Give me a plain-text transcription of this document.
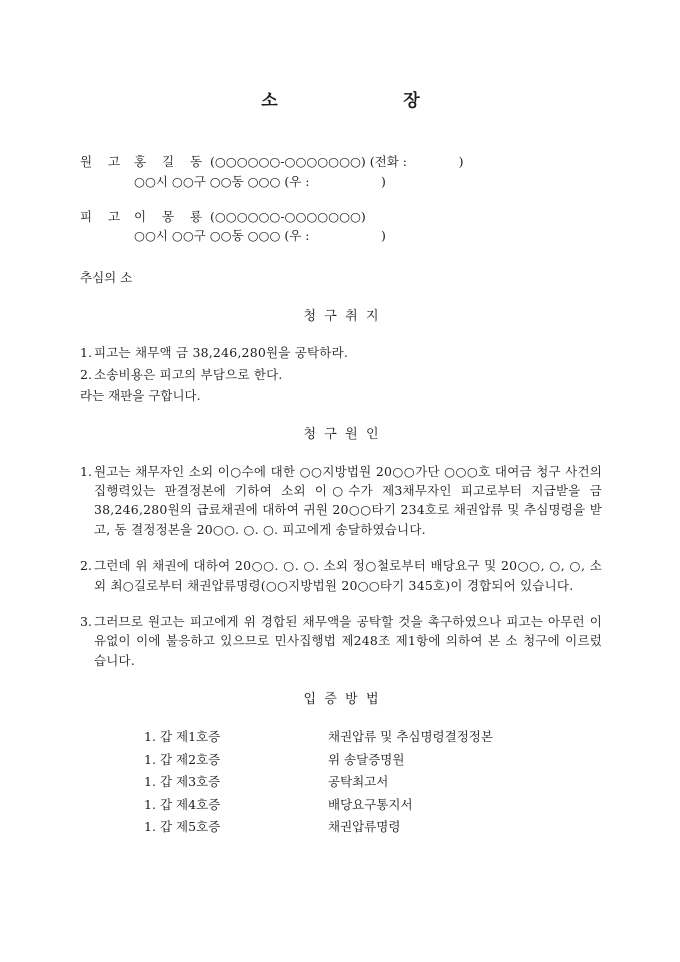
소                  장
원    고 홍    길    동  (○○○○○○-○○○○○○○) (전화 :             )
○○시 ○○구 ○○동 ○○○ (우 :                  )
피    고 이    몽    룡  (○○○○○○-○○○○○○○)
○○시 ○○구 ○○동 ○○○ (우 :                  )
추심의 소
청  구  취  지
1. 피고는 채무액 금 38,246,280원을 공탁하라.
2. 소송비용은 피고의 부담으로 한다.
라는 재판을 구합니다.
청  구  원  인
1. 원고는 채무자인 소외 이○수에 대한 ○○지방법원 20○○가단 ○○○호 대여금 청구 사건의 집행력있는 판결정본에 기하여 소외 이○수가 제3채무자인 피고로부터 지급받을 금 38,246,280원의 급료채권에 대하여 귀원 20○○타기 234호로 채권압류 및 추심명령을 받고, 동 결정정본을 20○○. ○. ○. 피고에게 송달하였습니다.
2. 그런데 위 채권에 대하여 20○○. ○. ○. 소외 정○철로부터 배당요구 및 20○○, ○, ○, 소외 최○길로부터 채권압류명령(○○지방법원 20○○타기 345호)이 경합되어 있습니다.
3. 그러므로 원고는 피고에게 위 경합된 채무액을 공탁할 것을 촉구하였으나 피고는 아무런 이유없이 이에 불응하고 있으므로 민사집행법 제248조 제1항에 의하여 본 소 청구에 이르렀습니다.
입  증  방  법
1. 갑 제1호증	채권압류 및 추심명령결정정본
1. 갑 제2호증	위 송달증명원
1. 갑 제3호증	공탁최고서
1. 갑 제4호증	배당요구통지서
1. 갑 제5호증	채권압류명령
